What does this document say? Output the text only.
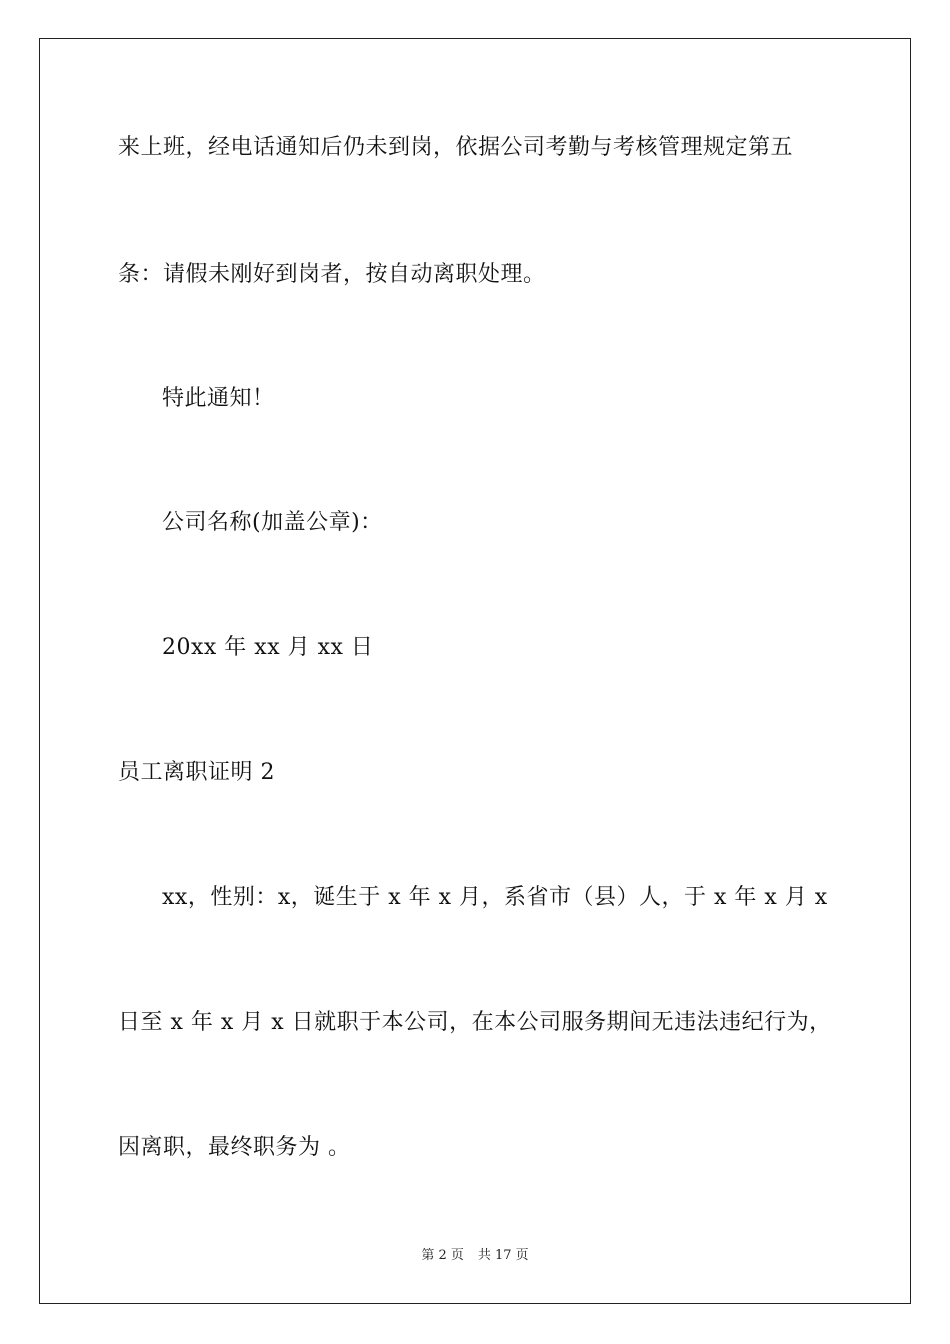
来上班，经电话通知后仍未到岗，依据公司考勤与考核管理规定第五
条：请假未刚好到岗者，按自动离职处理。
特此通知！
公司名称(加盖公章)：
20xx 年 xx 月 xx 日
员工离职证明 2
xx，性别：x，诞生于 x 年 x 月，系省市（县）人，于 x 年 x 月 x
日至 x 年 x 月 x 日就职于本公司，在本公司服务期间无违法违纪行为，
因离职，最终职务为 。
第 2 页 共 17 页
